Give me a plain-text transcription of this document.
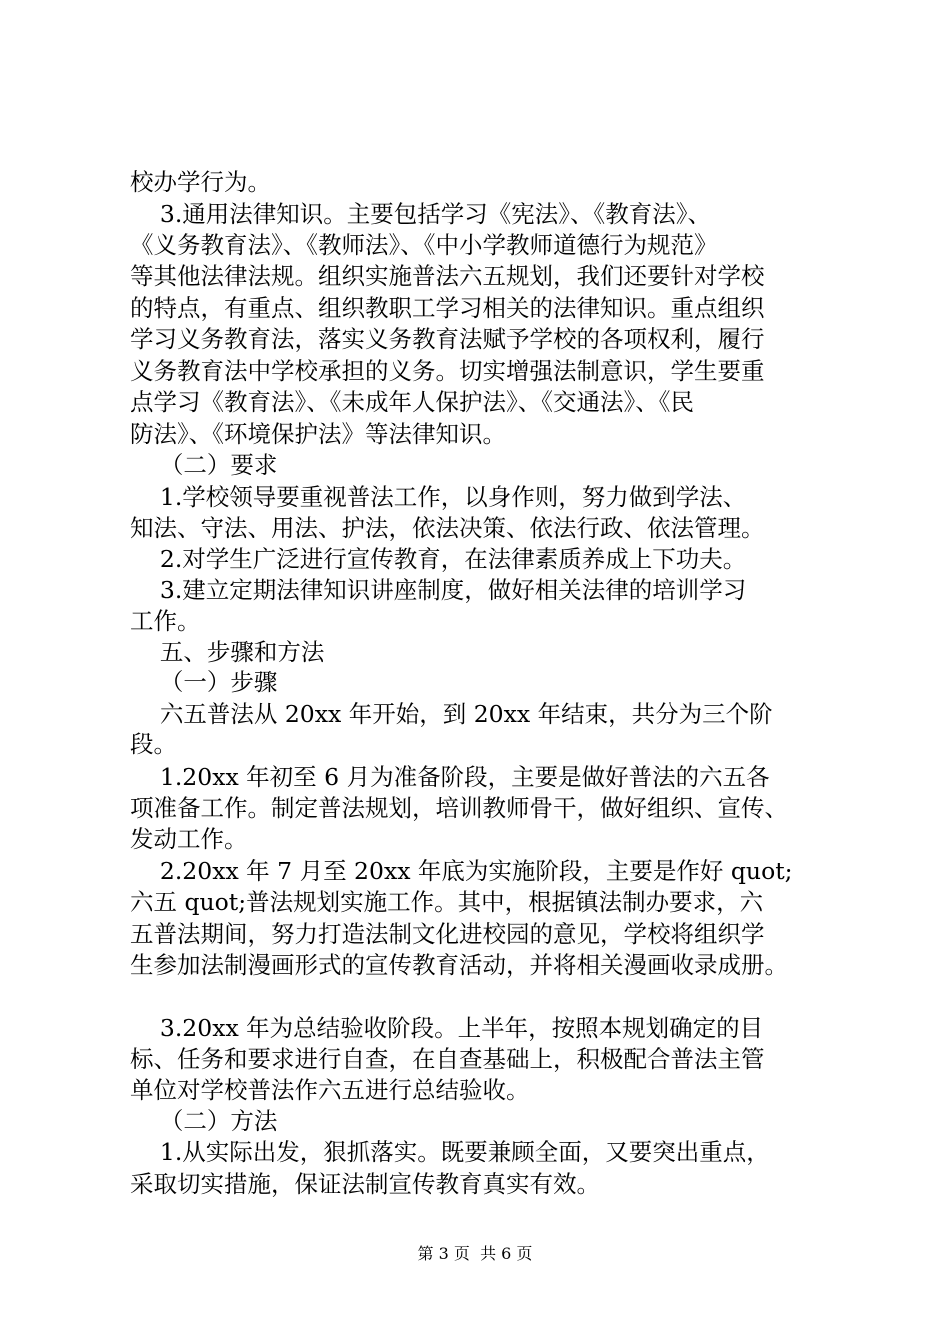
校办学行为。
3.通用法律知识。主要包括学习《宪法》、《教育法》、
《义务教育法》、《教师法》、《中小学教师道德行为规范》
等其他法律法规。组织实施普法六五规划，我们还要针对学校
的特点，有重点、组织教职工学习相关的法律知识。重点组织
学习义务教育法，落实义务教育法赋予学校的各项权利，履行
义务教育法中学校承担的义务。切实增强法制意识，学生要重
点学习《教育法》、《未成年人保护法》、《交通法》、《民
防法》、《环境保护法》等法律知识。
（二）要求
1.学校领导要重视普法工作，以身作则，努力做到学法、
知法、守法、用法、护法，依法决策、依法行政、依法管理。
2.对学生广泛进行宣传教育，在法律素质养成上下功夫。
3.建立定期法律知识讲座制度，做好相关法律的培训学习
工作。
五、步骤和方法
（一）步骤
六五普法从 20xx 年开始，到 20xx 年结束，共分为三个阶
段。
1.20xx 年初至 6 月为准备阶段，主要是做好普法的六五各
项准备工作。制定普法规划，培训教师骨干，做好组织、宣传、
发动工作。
2.20xx 年 7 月至 20xx 年底为实施阶段，主要是作好 quot;
六五 quot;普法规划实施工作。其中，根据镇法制办要求，六
五普法期间，努力打造法制文化进校园的意见，学校将组织学
生参加法制漫画形式的宣传教育活动，并将相关漫画收录成册。
3.20xx 年为总结验收阶段。上半年，按照本规划确定的目
标、任务和要求进行自查，在自查基础上，积极配合普法主管
单位对学校普法作六五进行总结验收。
（二）方法
1.从实际出发，狠抓落实。既要兼顾全面，又要突出重点，
采取切实措施，保证法制宣传教育真实有效。
第 3 页  共 6 页
